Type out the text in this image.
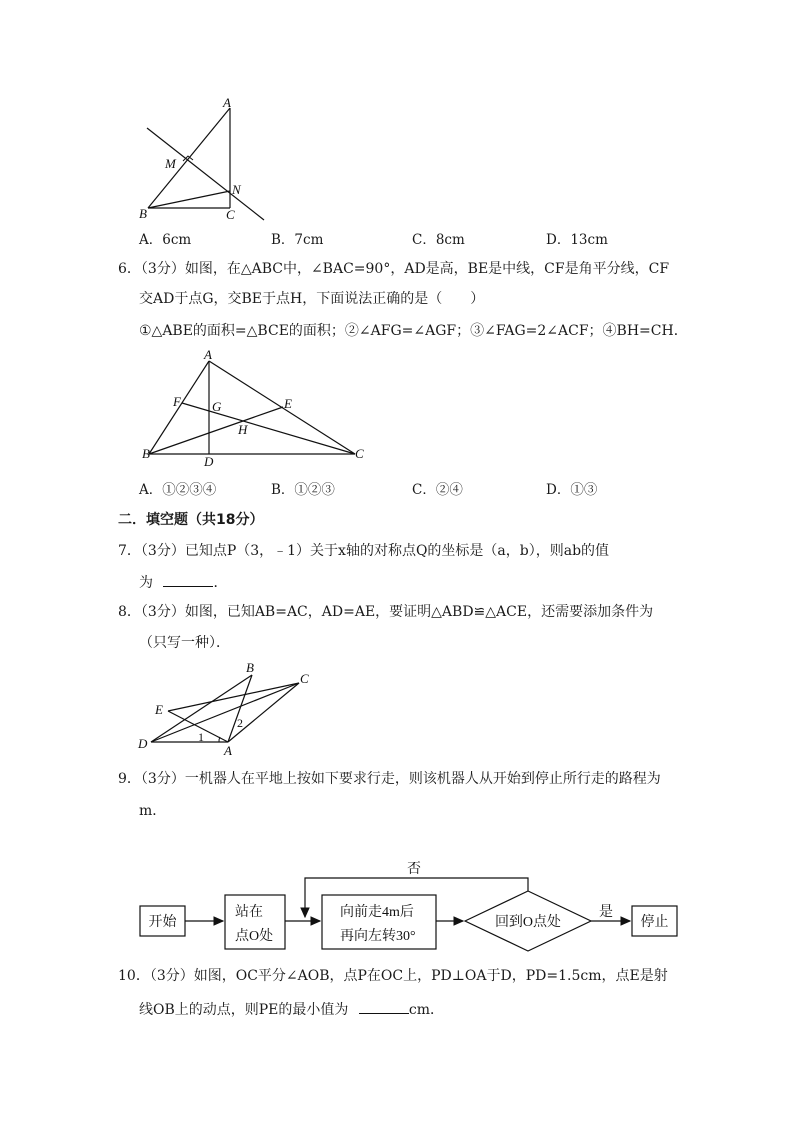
A
M
N
B	C
A．6cm	B．7cm	C．8cm	D．13cm
6．（3分）如图，在△ABC中，∠BAC=90°，AD是高，BE是中线，CF是角平分线，CF
交AD于点G，交BE于点H，下面说法正确的是（　　）
①△ABE的面积=△BCE的面积；②∠AFG=∠AGF；③∠FAG=2∠ACF；④BH=CH．
A
F G	E
H
B
D
C
A．①②③④	B．①②③	C．②④	D．①③
二．填空题（共18分）
7．（3分）已知点P（3，﹣1）关于x轴的对称点Q的坐标是（a，b），则ab的值
为	．
8．（3分）如图，已知AB=AC，AD=AE，要证明△ABD≌△ACE，还需要添加条件为
（只写一种）．
B
C
E
D	A
1
2
9．（3分）一机器人在平地上按如下要求行走，则该机器人从开始到停止所行走的路程为
m．
开始
站在
点O处
向前走4m后
再向左转30°
回到O点处
否
是
停止
10．（3分）如图，OC平分∠AOB，点P在OC上，PD⊥OA于D，PD=1.5cm，点E是射
线OB上的动点，则PE的最小值为	cm．
